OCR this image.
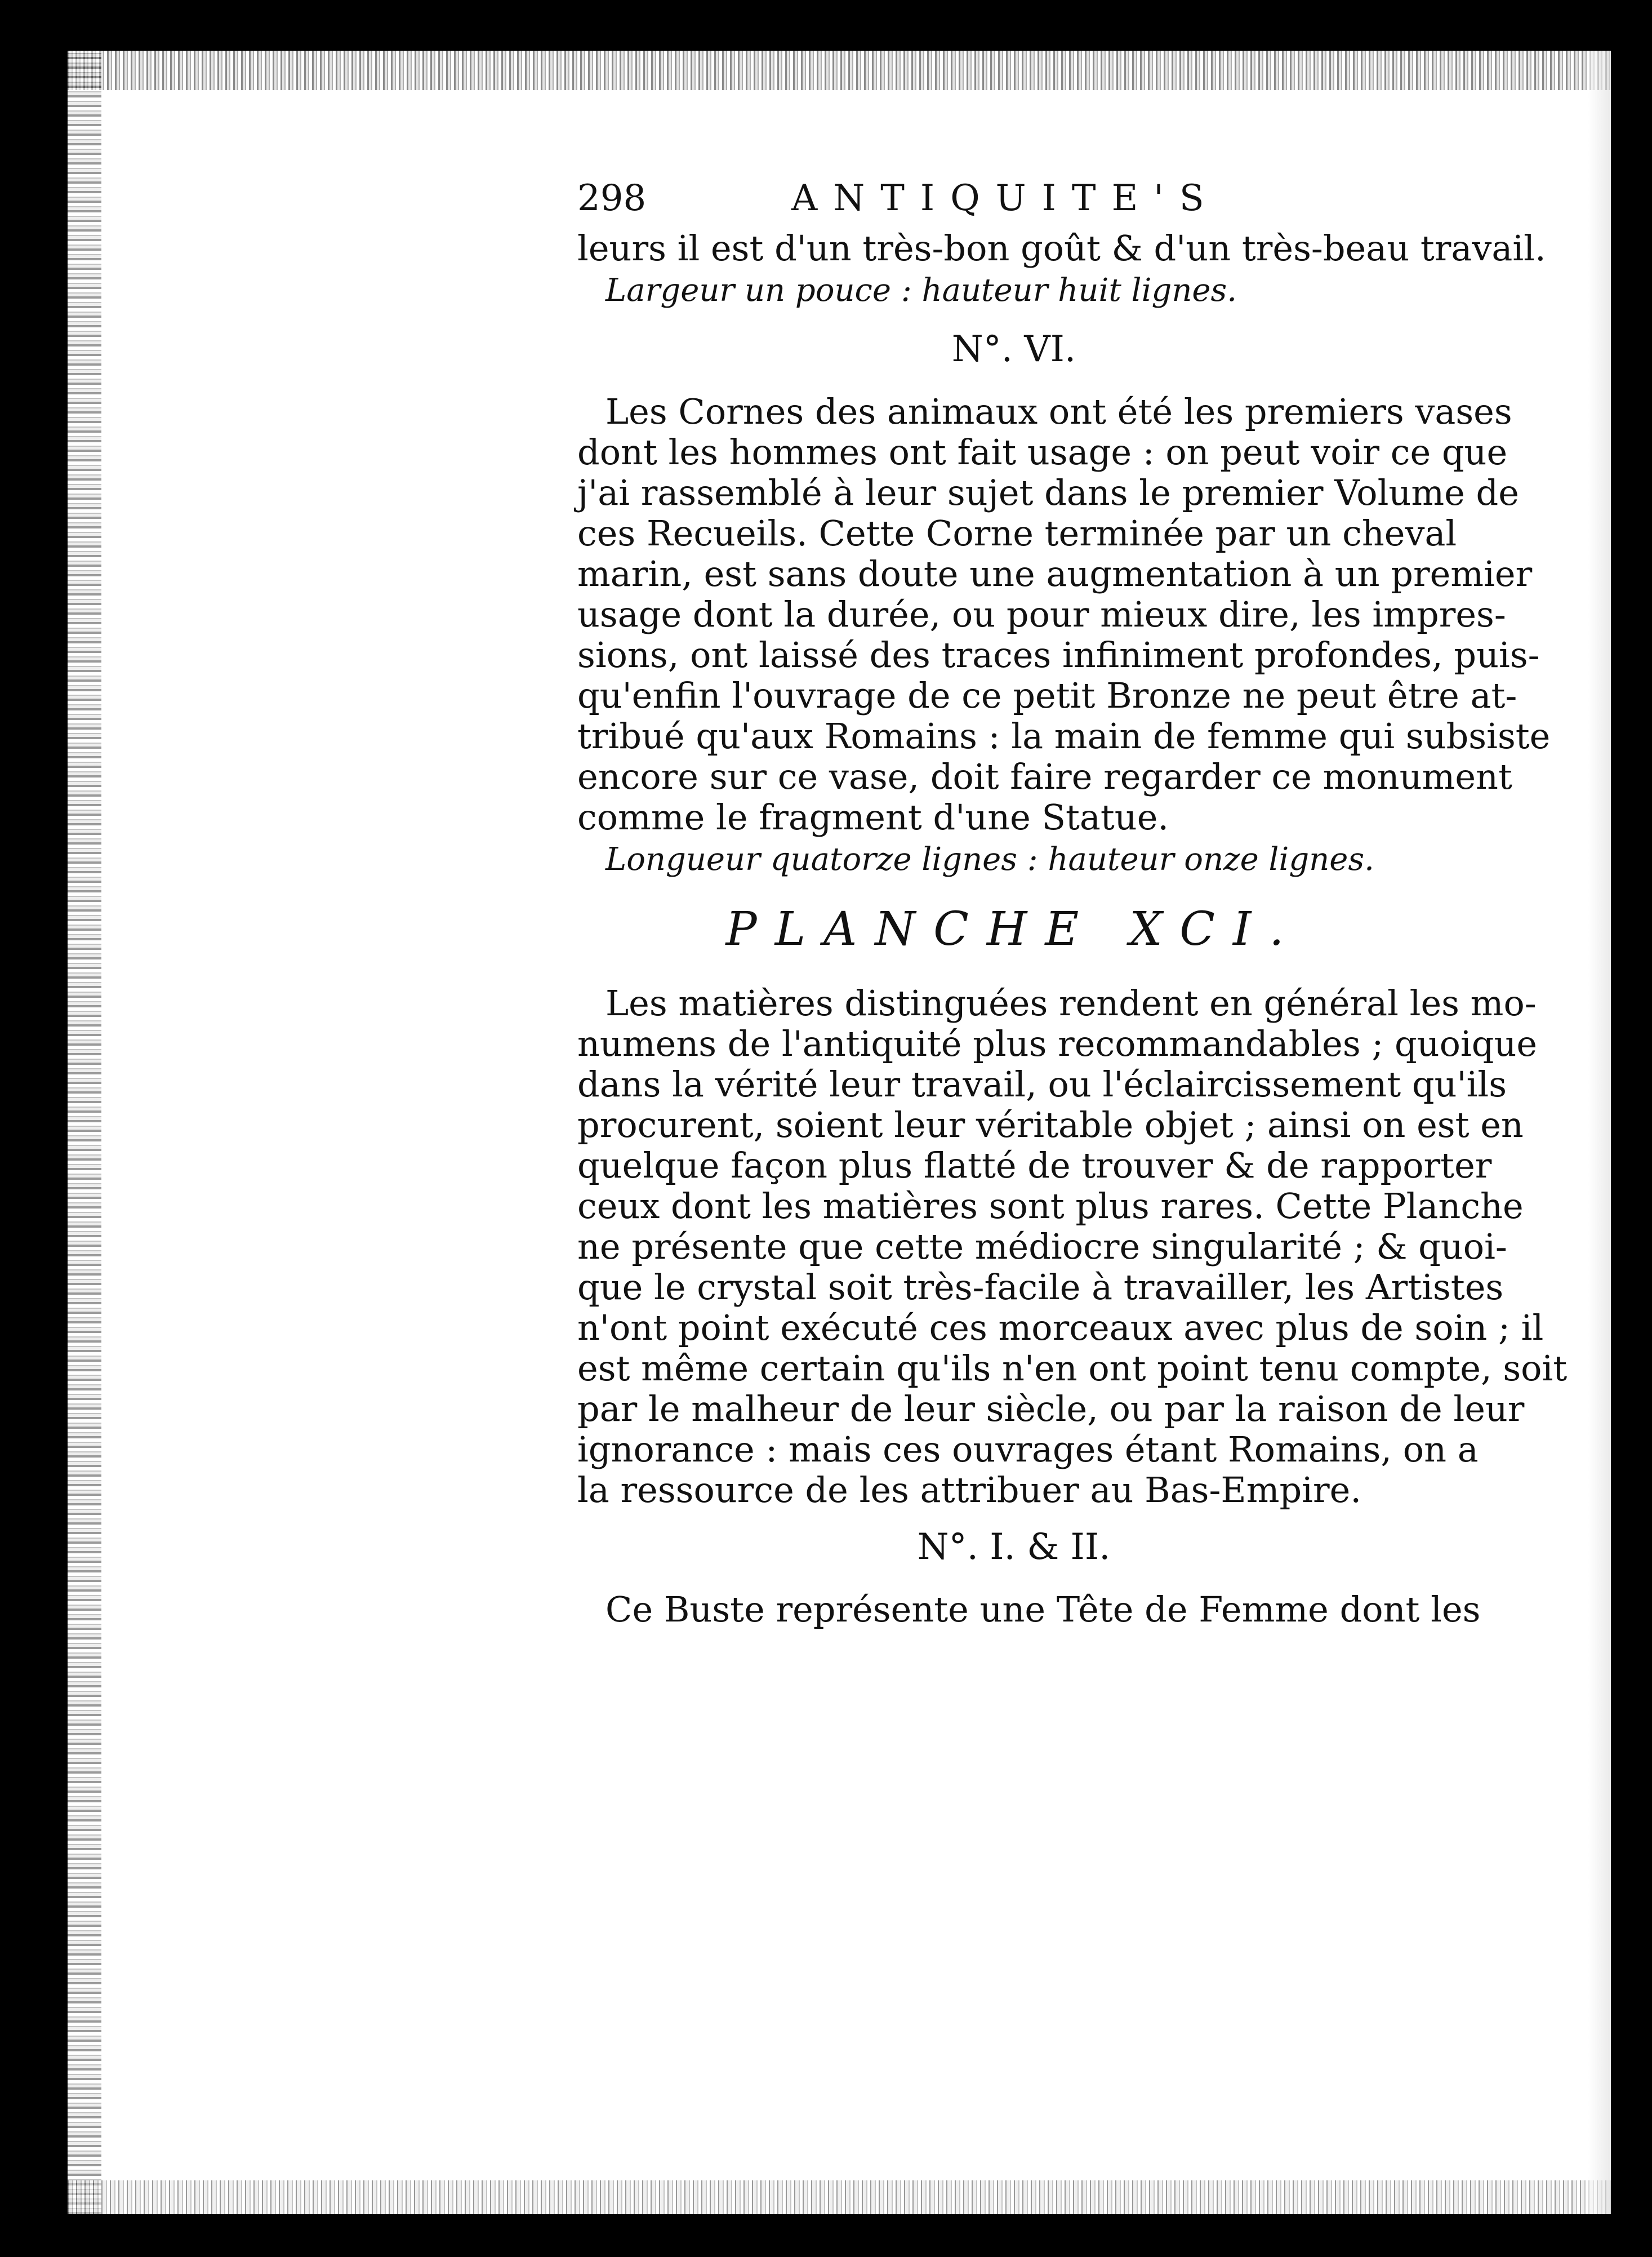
298	ANTIQUITE'S
leurs il est d'un très-bon goût & d'un très-beau travail.
Largeur un pouce : hauteur huit lignes.
N°. VI.
Les Cornes des animaux ont été les premiers vases
dont les hommes ont fait usage : on peut voir ce que
j'ai rassemblé à leur sujet dans le premier Volume de
ces Recueils. Cette Corne terminée par un cheval
marin, est sans doute une augmentation à un premier
usage dont la durée, ou pour mieux dire, les impres-
sions, ont laissé des traces infiniment profondes, puis-
qu'enfin l'ouvrage de ce petit Bronze ne peut être at-
tribué qu'aux Romains : la main de femme qui subsiste
encore sur ce vase, doit faire regarder ce monument
comme le fragment d'une Statue.
Longueur quatorze lignes : hauteur onze lignes.
PLANCHE XCI.
Les matières distinguées rendent en général les mo-
numens de l'antiquité plus recommandables ; quoique
dans la vérité leur travail, ou l'éclaircissement qu'ils
procurent, soient leur véritable objet ; ainsi on est en
quelque façon plus flatté de trouver & de rapporter
ceux dont les matières sont plus rares. Cette Planche
ne présente que cette médiocre singularité ; & quoi-
que le crystal soit très-facile à travailler, les Artistes
n'ont point exécuté ces morceaux avec plus de soin ; il
est même certain qu'ils n'en ont point tenu compte, soit
par le malheur de leur siècle, ou par la raison de leur
ignorance : mais ces ouvrages étant Romains, on a
la ressource de les attribuer au Bas-Empire.
N°. I. & II.
Ce Buste représente une Tête de Femme dont les
